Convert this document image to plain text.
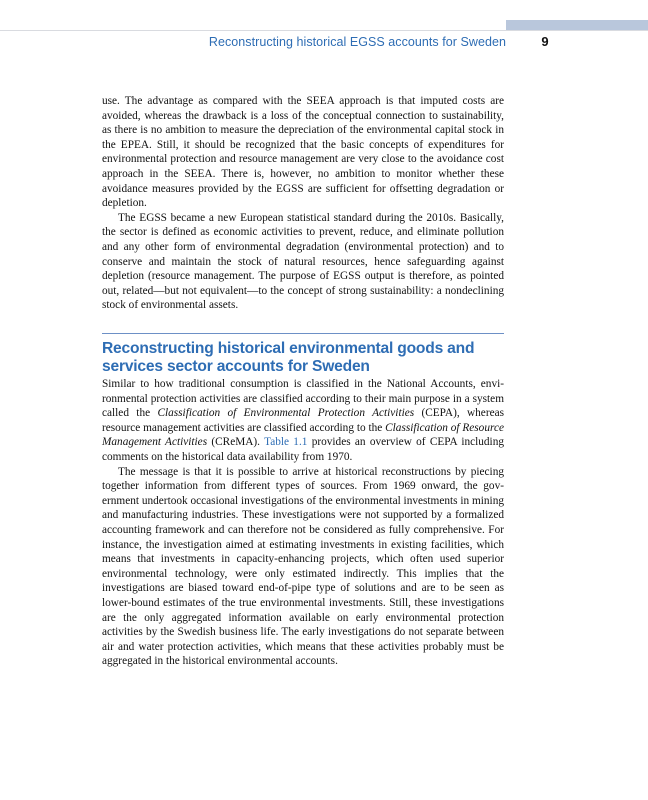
Reconstructing historical EGSS accounts for Sweden	9

use. The advantage as compared with the SEEA approach is that imputed costs are avoided, whereas the drawback is a loss of the conceptual connection to sustainability, as there is no ambition to measure the depreciation of the environmental capital stock in the EPEA. Still, it should be recognized that the basic concepts of expenditures for environmental protection and resource management are very close to the avoidance cost approach in the SEEA. There is, however, no ambition to monitor whether these avoidance measures provided by the EGSS are sufficient for offsetting degradation or depletion.

The EGSS became a new European statistical standard during the 2010s. Basically, the sector is defined as economic activities to prevent, reduce, and eliminate pollution and any other form of environmental degradation (environmental protection) and to conserve and maintain the stock of natural resources, hence safeguarding against depletion (resource management. The purpose of EGSS output is therefore, as pointed out, related—but not equivalent—to the concept of strong sustainability: a nondeclining stock of environmental assets.

Reconstructing historical environmental goods and services sector accounts for Sweden

Similar to how traditional consumption is classified in the National Accounts, environmental protection activities are classified according to their main purpose in a system called the Classification of Environmental Protection Activities (CEPA), whereas resource management activities are classified according to the Classification of Resource Management Activities (CReMA). Table 1.1 provides an overview of CEPA including comments on the historical data availability from 1970.

The message is that it is possible to arrive at historical reconstructions by piecing together information from different types of sources. From 1969 onward, the government undertook occasional investigations of the environmental investments in mining and manufacturing industries. These investigations were not supported by a formalized accounting framework and can therefore not be considered as fully comprehensive. For instance, the investigation aimed at estimating investments in existing facilities, which means that investments in capacity-enhancing projects, which often used superior environmental technology, were only estimated indirectly. This implies that the investigations are biased toward end-of-pipe type of solutions and are to be seen as lower-bound estimates of the true environmental investments. Still, these investigations are the only aggregated information available on early environmental protection activities by the Swedish business life. The early investigations do not separate between air and water protection activities, which means that these activities probably must be aggregated in the historical environmental accounts.
